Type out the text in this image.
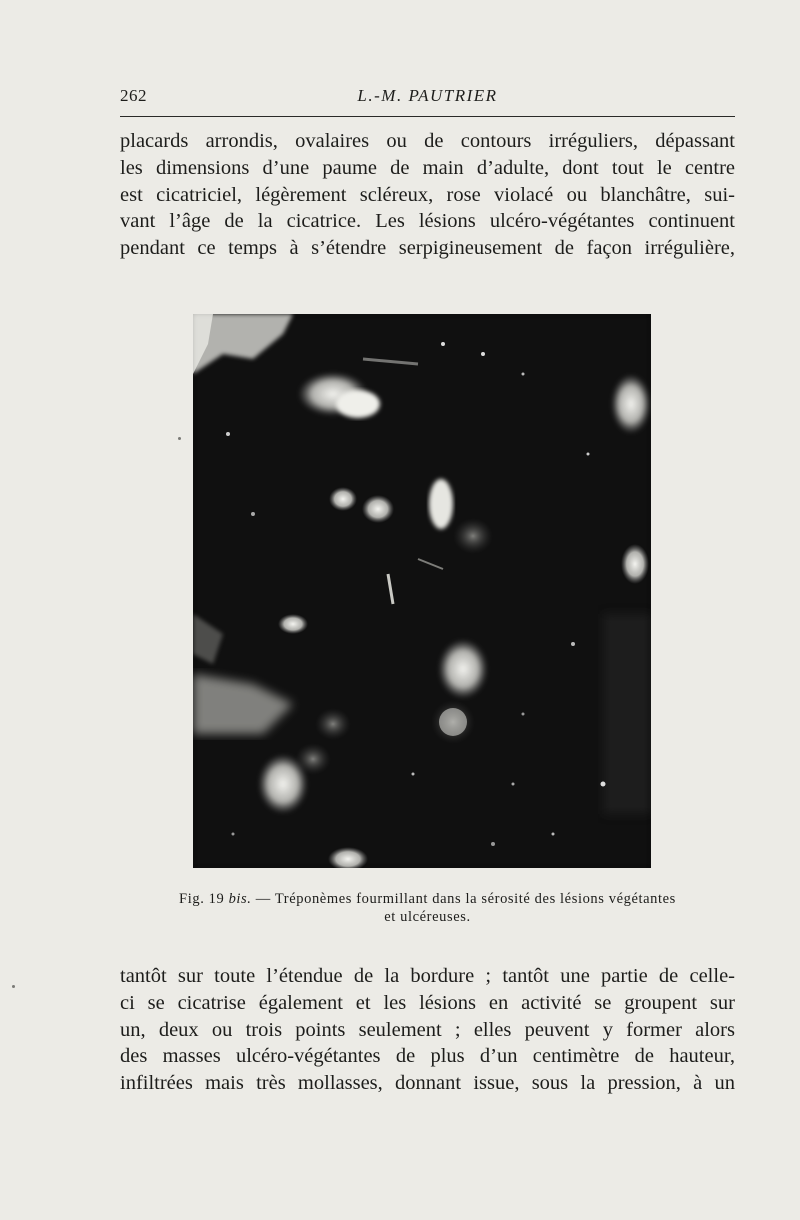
262	L.-M. PAUTRIER
placards arrondis, ovalaires ou de contours irréguliers, dépassant
les dimensions d’une paume de main d’adulte, dont tout le centre
est cicatriciel, légèrement scléreux, rose violacé ou blanchâtre, sui-
vant l’âge de la cicatrice. Les lésions ulcéro-végétantes continuent
pendant ce temps à s’étendre serpigineusement de façon irrégulière,
Fig. 19 bis. — Tréponèmes fourmillant dans la sérosité des lésions végétantes
et ulcéreuses.
tantôt sur toute l’étendue de la bordure ; tantôt une partie de celle-
ci se cicatrise également et les lésions en activité se groupent sur
un, deux ou trois points seulement ; elles peuvent y former alors
des masses ulcéro-végétantes de plus d’un centimètre de hauteur,
infiltrées mais très mollasses, donnant issue, sous la pression, à un
